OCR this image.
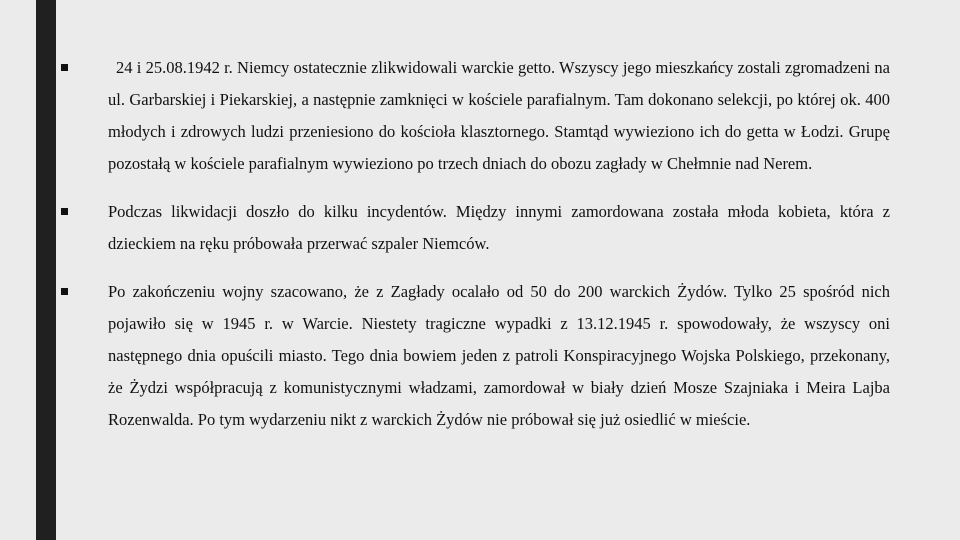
24 i 25.08.1942 r. Niemcy ostatecznie zlikwidowali warckie getto. Wszyscy jego mieszkańcy zostali zgromadzeni na ul. Garbarskiej i Piekarskiej, a następnie zamknięci w kościele parafialnym. Tam dokonano selekcji, po której ok. 400 młodych i zdrowych ludzi przeniesiono do kościoła klasztornego. Stamtąd wywieziono ich do getta w Łodzi. Grupę pozostałą w kościele parafialnym wywieziono po trzech dniach do obozu zagłady w Chełmnie nad Nerem.
Podczas likwidacji doszło do kilku incydentów. Między innymi zamordowana została młoda kobieta, która z dzieckiem na ręku próbowała przerwać szpaler Niemców.
Po zakończeniu wojny szacowano, że z Zagłady ocalało od 50 do 200 warckich Żydów. Tylko 25 spośród nich pojawiło się w 1945 r. w Warcie. Niestety tragiczne wypadki z 13.12.1945 r. spowodowały, że wszyscy oni następnego dnia opuścili miasto. Tego dnia bowiem jeden z patroli Konspiracyjnego Wojska Polskiego, przekonany, że Żydzi współpracują z komunistycznymi władzami, zamordował w biały dzień Mosze Szajniaka i Meira Lajba Rozenwalda. Po tym wydarzeniu nikt z warckich Żydów nie próbował się już osiedlić w mieście.
